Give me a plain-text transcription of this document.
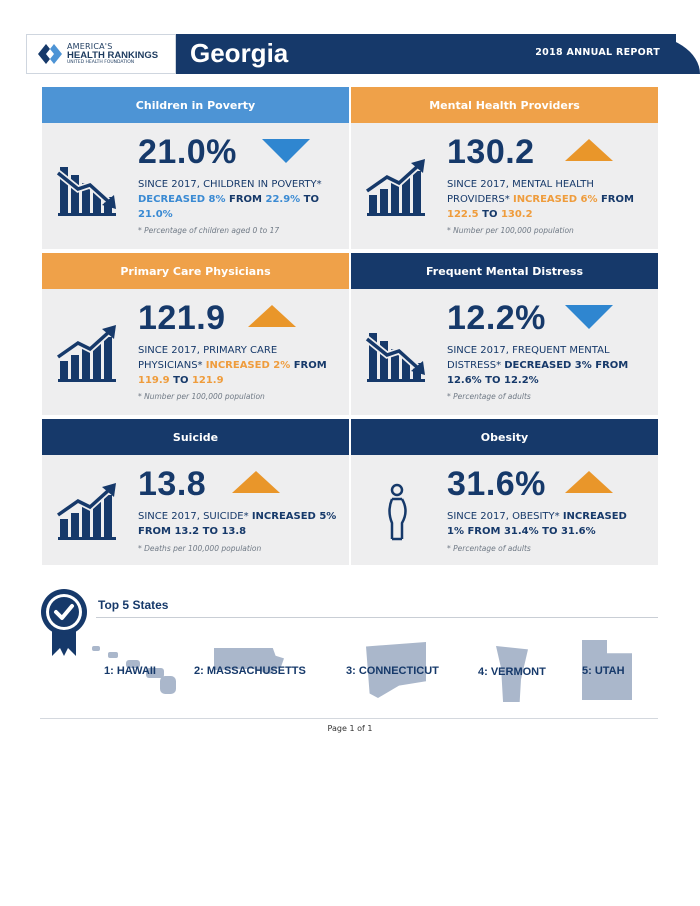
AMERICA'S
HEALTH RANKINGS
UNITED HEALTH FOUNDATION	Georgia	2018 ANNUAL REPORT
Children in Poverty
21.0%
SINCE 2017, CHILDREN IN POVERTY* DECREASED 8% FROM 22.9% TO 21.0%
* Percentage of children aged 0 to 17
Mental Health Providers
130.2
SINCE 2017, MENTAL HEALTH PROVIDERS* INCREASED 6% FROM 122.5 TO 130.2
* Number per 100,000 population
Primary Care Physicians
121.9
SINCE 2017, PRIMARY CARE PHYSICIANS* INCREASED 2% FROM 119.9 TO 121.9
* Number per 100,000 population
Frequent Mental Distress
12.2%
SINCE 2017, FREQUENT MENTAL DISTRESS* DECREASED 3% FROM 12.6% TO 12.2%
* Percentage of adults
Suicide
13.8
SINCE 2017, SUICIDE* INCREASED 5% FROM 13.2 TO 13.8
* Deaths per 100,000 population
Obesity
31.6%
SINCE 2017, OBESITY* INCREASED 1% FROM 31.4% TO 31.6%
* Percentage of adults
Top 5 States
1: HAWAII	2: MASSACHUSETTS	3: CONNECTICUT	4: VERMONT	5: UTAH
Page 1 of 1
